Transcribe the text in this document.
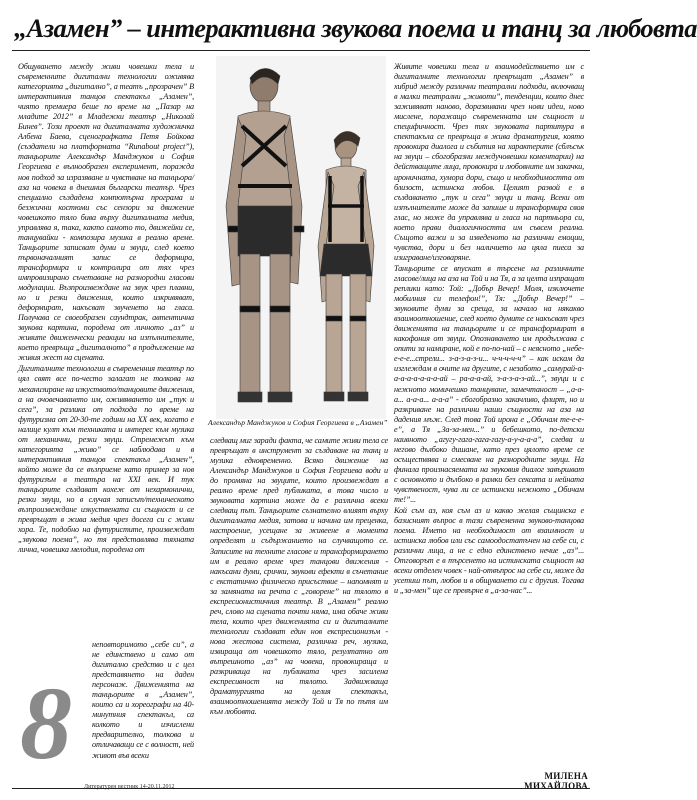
„Азамен” – интерактивна звукова поема и танц за любовта

Общуването между живи човешки тела и съвременните дигитални технологии оживява категорията „дигитално”, а театъ „прозрачен” В интерактивния танцов спектакъл „Азамен”, чиято премиера беше по време на „Пазар на младите 2012” в Младежки театър „Николай Бинев”. Този проект на дигиталната художничка Албена Баева, сценографката Петя Бойкова (създатели на платформата “Runabout project”), танцьорите Александър Манджуков и София Георгиева е вълнообразен експеримент, поражда нов подход за изразяване и чувстване на танцьора/аза на човека в днешния български театър. Чрез специално създадена компютърна програма и безжични костюми със сензори за движение човешкото тяло бива върху дигиталната медия, управлява я, така, както самото то, движейки се, танцувайки - композира музика в реално време. Танцьорите записват думи и звуци, след което първоначалният запис се деформира, трансформира и контролира от тях чрез импровизирано съчетаване на разнородни гласови модулации. Възпроизвеждане на звук чрез плавни, но и резки движения, които изкривяват, деформират, накъсват звученето на гласа. Получава се своеобразен саундтрак, автентична звукова картина, породена от личното „аз” и живите движенчески реакции на изпълнителите, което превръща „дигиталното” в продължение на живия жест на сцената.

Дигиталните технологии в съвременния театър по цял свят все по-често залагат не толкова на механизиране на изкуството/танцовите движения, а на очовечаването им, оживяването им „тук и сега”, за разлика от подхода по време на футуризма от 20-30-те години на XX век, когато е налице култ към техниката и интерес към музика от механични, резки звуци. Стремежът към категорията „живо” се наблюдава и в интерактивния танцов спектакъл „Азамен”, който може да се възприеме като пример за нов футуризъм в театъра на XXI век. И тук танцьорите създават кохеж от нехармонични, резки звуци, но в случая записът/техническото възпроизвеждане изкуствената си същност и се превръщат в жива медия чрез досега си с живи хора. Те, подобно на футуристите, произвеждат „звукова поема”, но тя представлява тяхната лична, човешка мелодия, породена от

неповторимото „себе си”, а не единствено и само от дигитално средство и с цел представянето на даден персонаж. Движенията на танцьорите в „Азамен”, които са и хореографи на 40-минутния спектакъл, са колкото и изчислени предварително, толкова и отличаващи се с волност, ней живот във всеки

Александър Манджуков и София Георгиева в „Азамен”

следващ миг заради факта, че самите живи тела се превръщат в инструмент за създаване на танц и музика едновременно. Всяко движение на Александър Манджуков и София Георгиева води и до промяна на звуците, които произвеждат в реално време пред публиката, в това число и звуковата картина може да е различна всеки следващ път. Танцьорите съзнателно влияят върху дигиталната медия, затова и начина им преценка, настроение, усещане за живеене в момента определят и съдържанието на случващото се. Записите на техните гласове и трансформирането им в реално време чрез танцови движения - накъсани думи, срички, звукови ефекти в съчетание с екстатично физическо присъствие – напомнят и за замяната на речта с „говорене” на тялото в експресионистичния театър. В „Азамен” реално реч, слово на сцената почти няма, има обаче живи тела, които чрез движенията си и дигиталните технологии създават един нов експресионизъм - нова жестова система, различна реч, музика, извираща от човешкото тяло, резултатно от вътрешното „аз” на човека, провокираща и разкриваща на публиката чрез засилена експресивност на тялото. Задвижваща драматургията на целия спектакъл, взаимоотношенията между Той и Тя по пътя им към любовта.

Живите човешки тела и взаимодействието им с дигиталните технологии превръщат „Азамен” в хибрид между различни театрални подходи, включващ в малки театрални „животи”, тенденции, които днес заживяват наново, доразвивани чрез нови идеи, ново мислене, поражащо съвременната им същност и специфичност. Чрез тях звуковата партитура в спектакъла се превръща в жива драматургия, която провокира диалога и събития на характерите (сблъсък на звуци – сбогобразни междучовешки коментарии) на действащите лица, провокира и любовните им закачки, ироничната, хумора дори, също и необходимостта от близост, истинска любов. Целият развой е в създаването „тук и сега” звуци и танц. Всеки от изпълнителите може да запише и трансформира своя глас, но може да управлява и гласа на партньора си, което прави диалогичността им съвсем реална. Същото важи и за изведеното на различни емоции, чувства, дори и без наличието на цяла пиеса за изиграване/изговаряне.

Танцьорите се впускат в търсене на различните гласове/лица на аза на Той и на Тя, а за целта изпращат реплики като: Той: „Добър Вечер! Моля, изключете мобилния си телефон!”, Тя: „Добър Вечер!” – звуковите думи за среща, за начало на някакво взаимоотношение, след което думите се накъсват чрез движенията на танцьорите и се трансформират в какофония от звуци. Опознаването им продължава с опити за намиране, кой е по-по-най – с неясното „небе-е-е-е...стрели... з-а-з-а-з-и... ч-ч-ч-ч-ч” – как искам да изглеждам в очите на другите, с незабото „самурай-а-а-а-а-а-а-а-а-ай – ра-а-а-ай, з-а-з-а-з-ай...”, звуци и с нежното момичешко танцуване, замечтаност – „а-а-а... а-а-а... а-а-а” - сбогобразно закачливо, флирт, но и разкриване на различни наши същности на аза на дадения мъж. След това Той ирона е „Обичам те-е-е-е”, а Тя „За-за-мен...” и бебешкото, по-детски наивното „агугу-гага-гага-гагу-а-у-а-а-а”, следва и негово дълбоко дишане, като през цялото време се осъществява и смесване на разнородните звуци. На финала произнасяемата на звуковия диалог завършват с основното и дълбоко в рамки без сексата и нейната чувственост, чува ли се истински нежното „Обичам те!”...

Кой съм аз, коя съм аз и какво желая същинска е базисният въпрос в тази съвременна звуково-танцова поема. Името на необходимост от взаимност и истинска любов или със самоодостатъчен на себе си, с различни лица, а не с едно единствено нечие „аз”... Отговорът е в търсенето на истинската същност на всеки отделен човек - най-отвъпрос на себе си, може да усетиш път, любов и в общуването си с другия. Тогава и „за-мен” ще се превърне в „а-за-нас”...

8
Литературен вестник 14-20.11.2012
МИЛЕНА МИХАЙЛОВА
